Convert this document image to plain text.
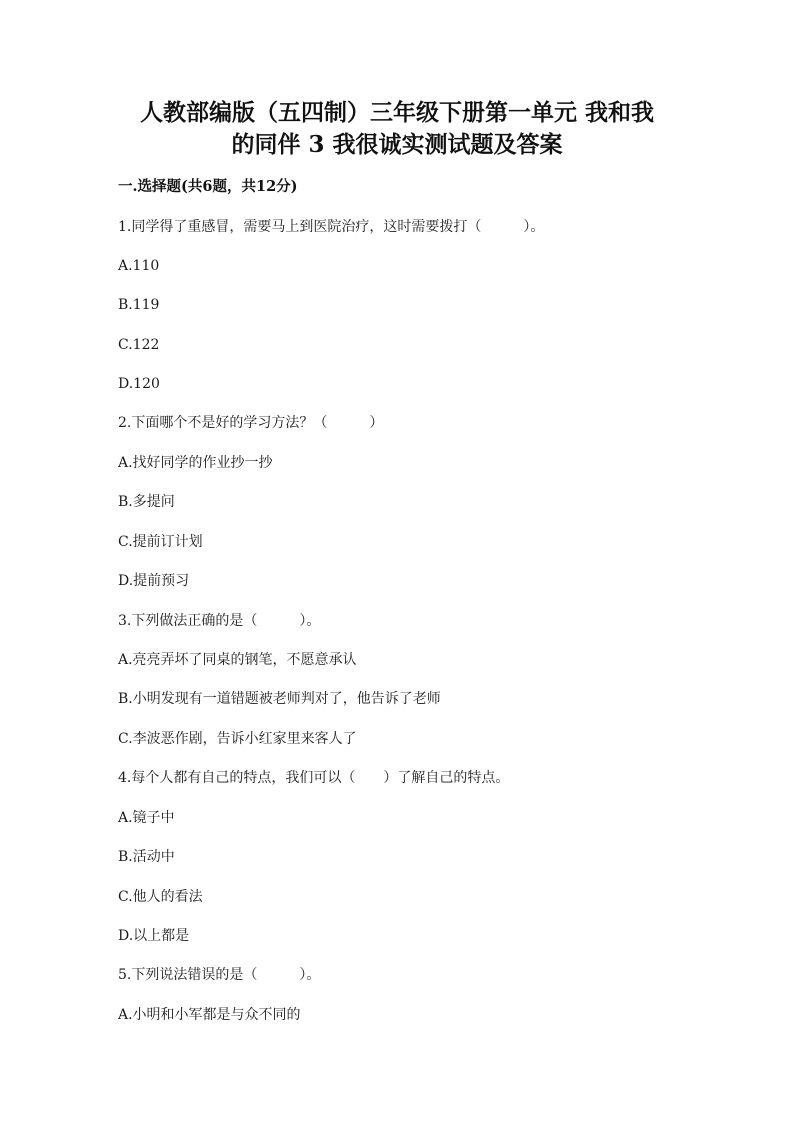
人教部编版（五四制）三年级下册第一单元 我和我
的同伴 3 我很诚实测试题及答案
一.选择题(共6题，共12分)
1.同学得了重感冒，需要马上到医院治疗，这时需要拨打（　　　）。
A.110
B.119
C.122
D.120
2.下面哪个不是好的学习方法？（　　　）
A.找好同学的作业抄一抄
B.多提问
C.提前订计划
D.提前预习
3.下列做法正确的是（　　　）。
A.亮亮弄坏了同桌的钢笔，不愿意承认
B.小明发现有一道错题被老师判对了，他告诉了老师
C.李波恶作剧，告诉小红家里来客人了
4.每个人都有自己的特点，我们可以（　　）了解自己的特点。
A.镜子中
B.活动中
C.他人的看法
D.以上都是
5.下列说法错误的是（　　　）。
A.小明和小军都是与众不同的
